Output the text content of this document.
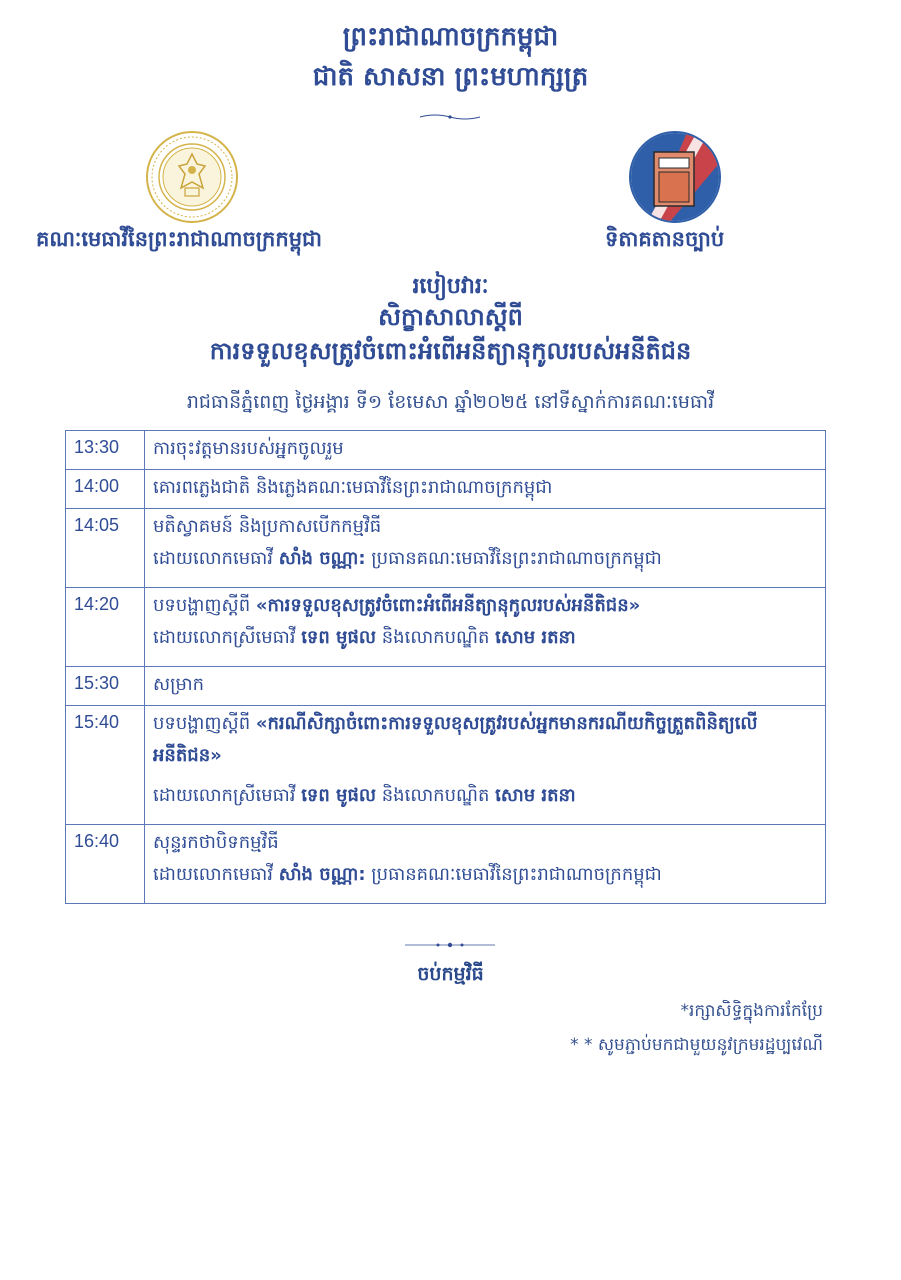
ព្រះរាជាណាចក្រកម្ពុជា
ជាតិ សាសនា ព្រះមហាក្សត្រ
គណៈមេធាវីនៃព្រះរាជាណាចក្រកម្ពុជា	ទិតាគតានច្បាប់
របៀបវារៈ
សិក្ខាសាលាស្ដីពី
ការទទួលខុសត្រូវចំពោះអំពើអនីត្យានុកូលរបស់អនីតិជន
រាជធានីភ្នំពេញ ថ្ងៃអង្គារ ទី១ ខែមេសា ឆ្នាំ២០២៥ នៅទីស្នាក់ការគណៈមេធាវី
13:30	ការចុះវត្តមានរបស់អ្នកចូលរួម

14:00	គោរពភ្លេងជាតិ និងភ្លេងគណៈមេធាវីនៃព្រះរាជាណាចក្រកម្ពុជា

14:05	មតិស្វាគមន៍ និងប្រកាសបើកកម្មវិធី
ដោយលោកមេធាវី សាំង ចណ្ណា: ប្រធានគណៈមេធាវីនៃព្រះរាជាណាចក្រកម្ពុជា

14:20	បទបង្ហាញស្ដីពី «ការទទួលខុសត្រូវចំពោះអំពើអនីត្យានុកូលរបស់អនីតិជន»
ដោយលោកស្រីមេធាវី ទេព មូផល និងលោកបណ្ឌិត សោម រតនា

15:30	សម្រាក

15:40	បទបង្ហាញស្ដីពី «ករណីសិក្សាចំពោះការទទួលខុសត្រូវរបស់អ្នកមានករណីយកិច្ចត្រួតពិនិត្យលើ
អនីតិជន»
ដោយលោកស្រីមេធាវី ទេព មូផល និងលោកបណ្ឌិត សោម រតនា

16:40	សុន្ទរកថាបិទកម្មវិធី
ដោយលោកមេធាវី សាំង ចណ្ណា: ប្រធានគណៈមេធាវីនៃព្រះរាជាណាចក្រកម្ពុជា
ចប់កម្មវិធី
*រក្សាសិទ្ធិក្នុងការកែប្រែ
* * សូមភ្ជាប់មកជាមួយនូវក្រមរដ្ឋប្បវេណី
